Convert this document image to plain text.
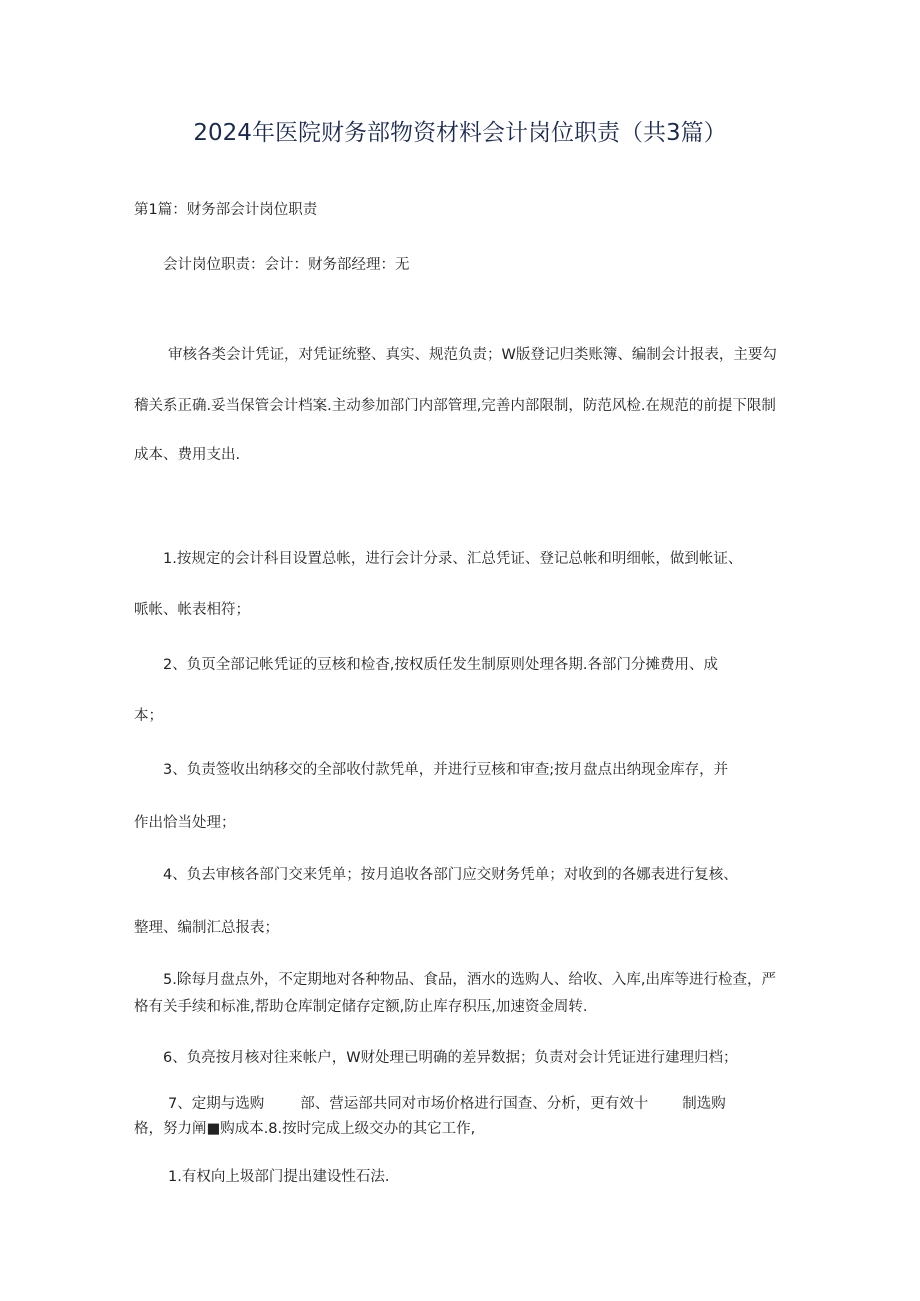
2024年医院财务部物资材料会计岗位职责（共3篇）
第1篇：财务部会计岗位职责
会计岗位职责：会计：财务部经理：无
审核各类会计凭证，对凭证统整、真实、规范负责；W版登记归类账簿、编制会计报表，主要勾
稽关系正确.妥当保管会计档案.主动参加部门内部管理,完善内部限制，防范风检.在规范的前提下限制
成本、费用支出.
1.按规定的会计科目设置总帐，进行会计分录、汇总凭证、登记总帐和明细帐，做到帐证、
哌帐、帐表相符；
2、负页全部记帐凭证的豆核和检杳,按权质任发生制原则处理各期.各部门分摊费用、成
本；
3、负责签收出纳移交的全部收付款凭单，并进行豆核和审查;按月盘点出纳现金库存，并
作出恰当处理；
4、负去审核各部门交来凭单；按月追收各部门应交财务凭单；对收到的各娜表进行复核、
整理、编制汇总报表；
5.除每月盘点外，不定期地对各种物品、食品，酒水的选购人、给收、入库,出库等进行检查，严
格有关手续和标准,帮助仓库制定储存定额,防止库存积压,加速资金周转.
6、负亮按月核对往来帐户，W财处理已明确的差异数据；负责对会计凭证进行建理归档；
7、定期与选购 部、营运部共同对市场价格进行国查、分析，更有效十 制选购
格，努力阐■购成本.8.按时完成上级交办的其它工作,
1.有权向上圾部门提出建设性石法.
